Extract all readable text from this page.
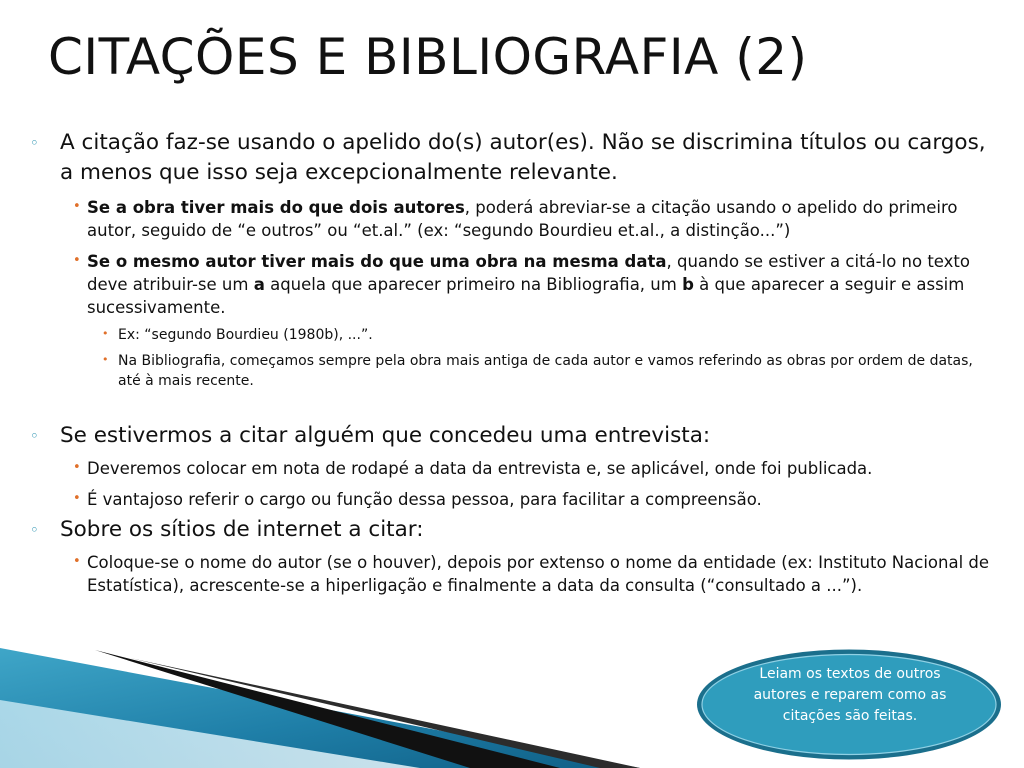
CITAÇÕES E BIBLIOGRAFIA (2)

◦ A citação faz-se usando o apelido do(s) autor(es). Não se discrimina títulos ou cargos, a menos que isso seja excepcionalmente relevante.

• Se a obra tiver mais do que dois autores, poderá abreviar-se a citação usando o apelido do primeiro autor, seguido de “e outros” ou “et.al.” (ex: “segundo Bourdieu et.al., a distinção...”)

• Se o mesmo autor tiver mais do que uma obra na mesma data, quando se estiver a citá-lo no texto deve atribuir-se um a aquela que aparecer primeiro na Bibliografia, um b à que aparecer a seguir e assim sucessivamente.

• Ex: “segundo Bourdieu (1980b), ...”.

• Na Bibliografia, começamos sempre pela obra mais antiga de cada autor e vamos referindo as obras por ordem de datas, até à mais recente.

◦ Se estivermos a citar alguém que concedeu uma entrevista:

• Deveremos colocar em nota de rodapé a data da entrevista e, se aplicável, onde foi publicada.

• É vantajoso referir o cargo ou função dessa pessoa, para facilitar a compreensão.

◦ Sobre os sítios de internet a citar:

• Coloque-se o nome do autor (se o houver), depois por extenso o nome da entidade (ex: Instituto Nacional de Estatística), acrescente-se a hiperligação e finalmente a data da consulta (“consultado a ...”).

Leiam os textos de outros autores e reparem como as citações são feitas.
